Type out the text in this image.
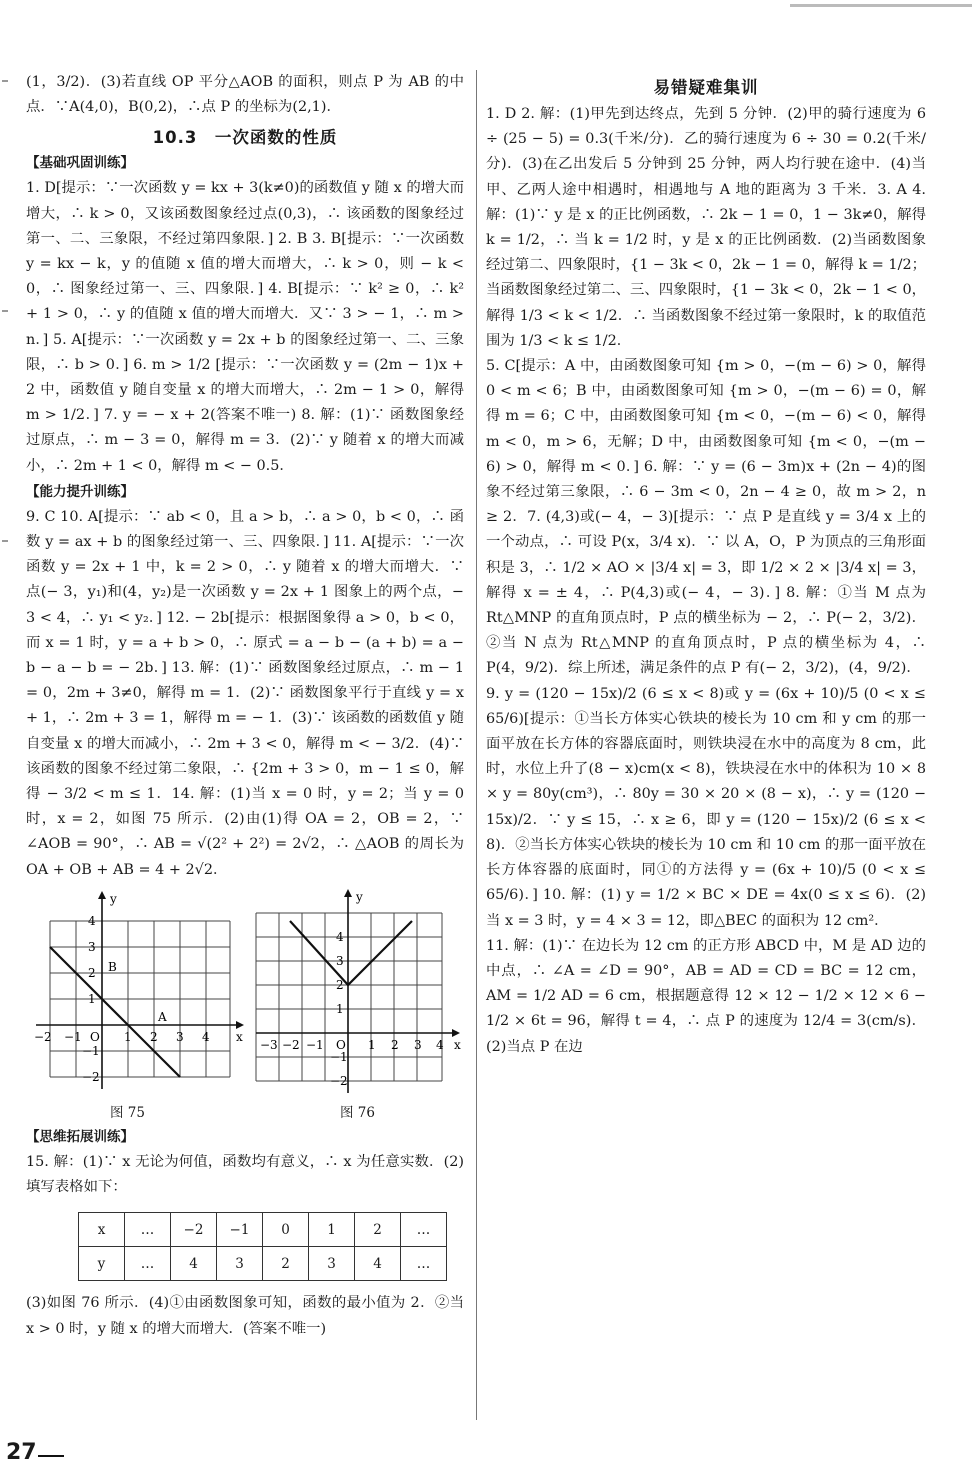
(1，3/2)．(3)若直线 OP 平分△AOB 的面积，则点 P 为 AB 的中点．∵A(4,0)，B(0,2)，∴点 P 的坐标为(2,1)．

10.3　一次函数的性质
【基础巩固训练】

1. D[提示：∵一次函数 y = kx + 3(k≠0)的函数值 y 随 x 的增大而增大，∴ k > 0，又该函数图象经过点(0,3)，∴ 该函数的图象经过第一、二、三象限，不经过第四象限．] 2. B 3. B[提示：∵一次函数 y = kx − k，y 的值随 x 值的增大而增大，∴ k > 0，则 − k < 0，∴ 图象经过第一、三、四象限．] 4. B[提示：∵ k² ≥ 0，∴ k² + 1 > 0，∴ y 的值随 x 值的增大而增大．又∵ 3 > − 1，∴ m > n．] 5. A[提示：∵一次函数 y = 2x + b 的图象经过第一、二、三象限，∴ b > 0．] 6. m > 1/2 [提示：∵一次函数 y = (2m − 1)x + 2 中，函数值 y 随自变量 x 的增大而增大，∴ 2m − 1 > 0，解得 m > 1/2．] 7. y = − x + 2(答案不唯一) 8. 解：(1)∵ 函数图象经过原点，∴ m − 3 = 0，解得 m = 3．(2)∵ y 随着 x 的增大而减小，∴ 2m + 1 < 0，解得 m < − 0.5．

【能力提升训练】

9. C 10. A[提示：∵ ab < 0，且 a > b，∴ a > 0，b < 0，∴ 函数 y = ax + b 的图象经过第一、三、四象限．] 11. A[提示：∵一次函数 y = 2x + 1 中，k = 2 > 0，∴ y 随着 x 的增大而增大．∵ 点(− 3，y₁)和(4，y₂)是一次函数 y = 2x + 1 图象上的两个点，− 3 < 4，∴ y₁ < y₂．] 12. − 2b[提示：根据图象得 a > 0，b < 0，而 x = 1 时，y = a + b > 0，∴ 原式 = a − b − (a + b) = a − b − a − b = − 2b．] 13. 解：(1)∵ 函数图象经过原点，∴ m − 1 = 0，2m + 3≠0，解得 m = 1．(2)∵ 函数图象平行于直线 y = x + 1，∴ 2m + 3 = 1，解得 m = − 1．(3)∵ 该函数的函数值 y 随自变量 x 的增大而减小，∴ 2m + 3 < 0，解得 m < − 3/2．(4)∵ 该函数的图象不经过第二象限，∴ {2m + 3 > 0，m − 1 ≤ 0，解得 − 3/2 < m ≤ 1．14. 解：(1)当 x = 0 时，y = 2；当 y = 0 时，x = 2，如图 75 所示．(2)由(1)得 OA = 2，OB = 2，∵ ∠AOB = 90°，∴ AB = √(2² + 2²) = 2√2，∴ △AOB 的周长为 OA + OB + AB = 4 + 2√2．

y
x
O
B
A
−2 −1	1 2 3 4
4
3
2
1
−1
−2
图 75
y
x
O
−3 −2 −1	1 2 3 4
4
3
2
1
−1
−2
图 76
【思维拓展训练】

15. 解：(1)∵ x 无论为何值，函数均有意义，∴ x 为任意实数．(2)填写表格如下：

x	…	−2	−1	0	1	2	…
y	…	4	3	2	3	4	…

(3)如图 76 所示．(4)①由函数图象可知，函数的最小值为 2．②当 x > 0 时，y 随 x 的增大而增大．(答案不唯一)

易错疑难集训

1. D 2. 解：(1)甲先到达终点，先到 5 分钟．(2)甲的骑行速度为 6 ÷ (25 − 5) = 0.3(千米/分)．乙的骑行速度为 6 ÷ 30 = 0.2(千米/分)．(3)在乙出发后 5 分钟到 25 分钟，两人均行驶在途中．(4)当甲、乙两人途中相遇时，相遇地与 A 地的距离为 3 千米．3. A 4. 解：(1)∵ y 是 x 的正比例函数，∴ 2k − 1 = 0，1 − 3k≠0，解得 k = 1/2，∴ 当 k = 1/2 时，y 是 x 的正比例函数．(2)当函数图象经过第二、四象限时，{1 − 3k < 0，2k − 1 = 0，解得 k = 1/2；当函数图象经过第二、三、四象限时，{1 − 3k < 0，2k − 1 < 0，解得 1/3 < k < 1/2．∴ 当函数图象不经过第一象限时，k 的取值范围为 1/3 < k ≤ 1/2．

5. C[提示：A 中，由函数图象可知 {m > 0，−(m − 6) > 0，解得 0 < m < 6；B 中，由函数图象可知 {m > 0，−(m − 6) = 0，解得 m = 6；C 中，由函数图象可知 {m < 0，−(m − 6) < 0，解得 m < 0，m > 6，无解；D 中，由函数图象可知 {m < 0，−(m − 6) > 0，解得 m < 0．] 6. 解：∵ y = (6 − 3m)x + (2n − 4)的图象不经过第三象限，∴ 6 − 3m < 0，2n − 4 ≥ 0，故 m > 2，n ≥ 2．7. (4,3)或(− 4，− 3)[提示：∵ 点 P 是直线 y = 3/4 x 上的一个动点，∴ 可设 P(x，3/4 x)．∵ 以 A，O，P 为顶点的三角形面积是 3，∴ 1/2 × AO × |3/4 x| = 3，即 1/2 × 2 × |3/4 x| = 3，解得 x = ± 4，∴ P(4,3)或(− 4，− 3)．] 8. 解：①当 M 点为 Rt△MNP 的直角顶点时，P 点的横坐标为 − 2，∴ P(− 2，3/2)．②当 N 点为 Rt△MNP 的直角顶点时，P 点的横坐标为 4，∴ P(4，9/2)．综上所述，满足条件的点 P 有(− 2，3/2)，(4，9/2)．

9. y = (120 − 15x)/2 (6 ≤ x < 8)或 y = (6x + 10)/5 (0 < x ≤ 65/6)[提示：①当长方体实心铁块的棱长为 10 cm 和 y cm 的那一面平放在长方体的容器底面时，则铁块浸在水中的高度为 8 cm，此时，水位上升了(8 − x)cm(x < 8)，铁块浸在水中的体积为 10 × 8 × y = 80y(cm³)，∴ 80y = 30 × 20 × (8 − x)，∴ y = (120 − 15x)/2．∵ y ≤ 15，∴ x ≥ 6，即 y = (120 − 15x)/2 (6 ≤ x < 8)．②当长方体实心铁块的棱长为 10 cm 和 10 cm 的那一面平放在长方体容器的底面时，同①的方法得 y = (6x + 10)/5 (0 < x ≤ 65/6)．] 10. 解：(1) y = 1/2 × BC × DE = 4x(0 ≤ x ≤ 6)．(2)当 x = 3 时，y = 4 × 3 = 12，即△BEC 的面积为 12 cm²．

11. 解：(1)∵ 在边长为 12 cm 的正方形 ABCD 中，M 是 AD 边的中点，∴ ∠A = ∠D = 90°，AB = AD = CD = BC = 12 cm，AM = 1/2 AD = 6 cm，根据题意得 12 × 12 − 1/2 × 12 × 6 − 1/2 × 6t = 96，解得 t = 4，∴ 点 P 的速度为 12/4 = 3(cm/s)．(2)当点 P 在边

27
